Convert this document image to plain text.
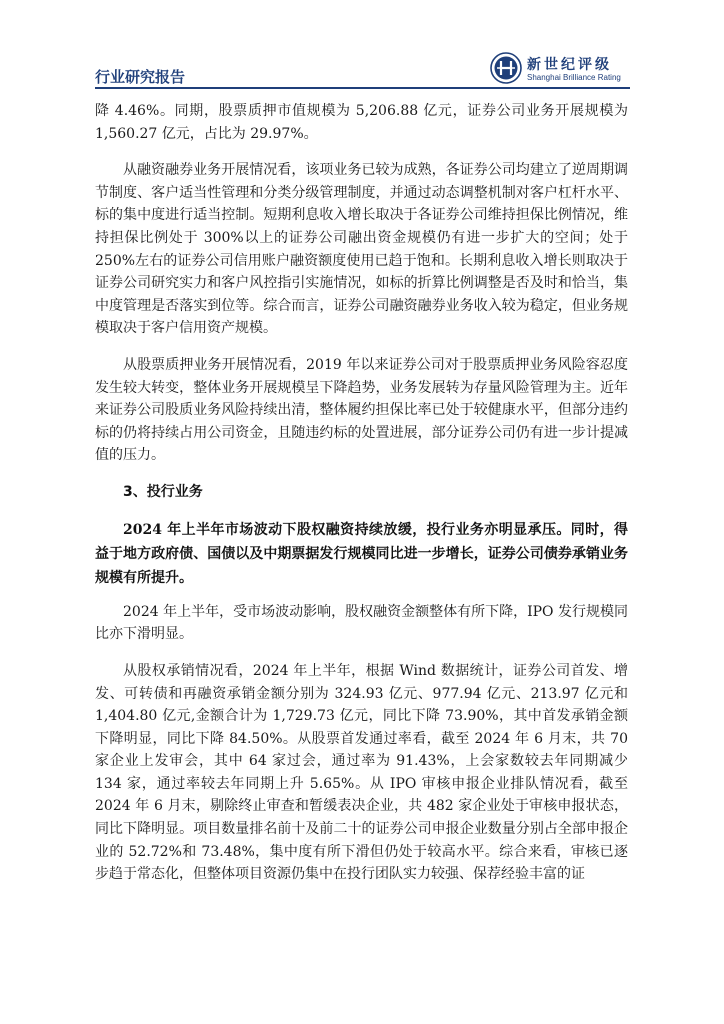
行业研究报告
新世纪评级
Shanghai Brilliance Rating

降 4.46%。同期，股票质押市值规模为 5,206.88 亿元，证券公司业务开展规模为 1,560.27 亿元，占比为 29.97%。

从融资融券业务开展情况看，该项业务已较为成熟，各证券公司均建立了逆周期调节制度、客户适当性管理和分类分级管理制度，并通过动态调整机制对客户杠杆水平、标的集中度进行适当控制。短期利息收入增长取决于各证券公司维持担保比例情况，维持担保比例处于 300%以上的证券公司融出资金规模仍有进一步扩大的空间；处于 250%左右的证券公司信用账户融资额度使用已趋于饱和。长期利息收入增长则取决于证券公司研究实力和客户风控指引实施情况，如标的折算比例调整是否及时和恰当，集中度管理是否落实到位等。综合而言，证券公司融资融券业务收入较为稳定，但业务规模取决于客户信用资产规模。

从股票质押业务开展情况看，2019 年以来证券公司对于股票质押业务风险容忍度发生较大转变，整体业务开展规模呈下降趋势，业务发展转为存量风险管理为主。近年来证券公司股质业务风险持续出清，整体履约担保比率已处于较健康水平，但部分违约标的仍将持续占用公司资金，且随违约标的处置进展，部分证券公司仍有进一步计提减值的压力。

3、投行业务

2024 年上半年市场波动下股权融资持续放缓，投行业务亦明显承压。同时，得益于地方政府债、国债以及中期票据发行规模同比进一步增长，证券公司债券承销业务规模有所提升。

2024 年上半年，受市场波动影响，股权融资金额整体有所下降，IPO 发行规模同比亦下滑明显。

从股权承销情况看，2024 年上半年，根据 Wind 数据统计，证券公司首发、增发、可转债和再融资承销金额分别为 324.93 亿元、977.94 亿元、213.97 亿元和 1,404.80 亿元,金额合计为 1,729.73 亿元，同比下降 73.90%，其中首发承销金额下降明显，同比下降 84.50%。从股票首发通过率看，截至 2024 年 6 月末，共 70 家企业上发审会，其中 64 家过会，通过率为 91.43%，上会家数较去年同期减少 134 家，通过率较去年同期上升 5.65%。从 IPO 审核申报企业排队情况看，截至 2024 年 6 月末，剔除终止审查和暂缓表决企业，共 482 家企业处于审核申报状态，同比下降明显。项目数量排名前十及前二十的证券公司申报企业数量分别占全部申报企业的 52.72%和 73.48%，集中度有所下滑但仍处于较高水平。综合来看，审核已逐步趋于常态化，但整体项目资源仍集中在投行团队实力较强、保荐经验丰富的证
